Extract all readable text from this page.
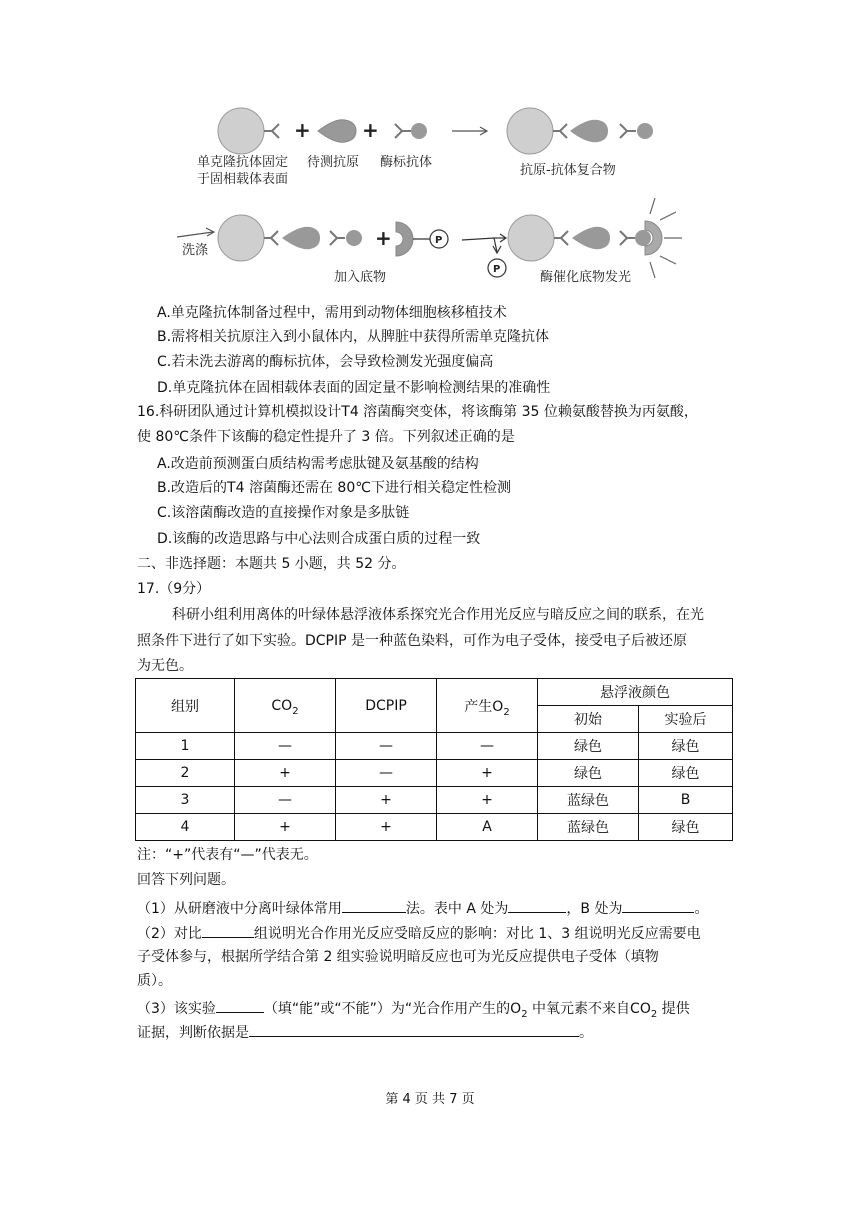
+	+
单克隆抗体固定
于固相载体表面
待测抗原 酶标抗体
抗原-抗体复合物
洗涤
+	P
加入底物
P
酶催化底物发光
A.单克隆抗体制备过程中，需用到动物体细胞核移植技术
B.需将相关抗原注入到小鼠体内，从脾脏中获得所需单克隆抗体
C.若未洗去游离的酶标抗体，会导致检测发光强度偏高
D.单克隆抗体在固相载体表面的固定量不影响检测结果的准确性
16.科研团队通过计算机模拟设计T4 溶菌酶突变体，将该酶第 35 位赖氨酸替换为丙氨酸，
使 80℃条件下该酶的稳定性提升了 3 倍。下列叙述正确的是
A.改造前预测蛋白质结构需考虑肽键及氨基酸的结构
B.改造后的T4 溶菌酶还需在 80℃下进行相关稳定性检测
C.该溶菌酶改造的直接操作对象是多肽链
D.该酶的改造思路与中心法则合成蛋白质的过程一致
二、非选择题：本题共 5 小题，共 52 分。
17.（9分）
科研小组利用离体的叶绿体悬浮液体系探究光合作用光反应与暗反应之间的联系，在光
照条件下进行了如下实验。DCPIP 是一种蓝色染料，可作为电子受体，接受电子后被还原
为无色。
组别	$CO_2$	DCPIP	产生$O_2$	悬浮液颜色	
				初始	实验后
1	—	—	—	绿色	绿色
2	+	—	+	绿色	绿色
3	—	+	+	蓝绿色	B
4	+	+	A	蓝绿色	绿色
注：“+”代表有“—”代表无。
回答下列问题。
（1）从研磨液中分离叶绿体常用	法。表中 A 处为	，B 处为	。
（2）对比	组说明光合作用光反应受暗反应的影响：对比 1、3 组说明光反应需要电
子受体参与，根据所学结合第 2 组实验说明暗反应也可为光反应提供电子受体（填物
质）。
（3）该实验	（填“能”或“不能”）为“光合作用产生的$O_2$ 中氧元素不来自$CO_2$ 提供
证据，判断依据是	。
第 4 页 共 7 页
